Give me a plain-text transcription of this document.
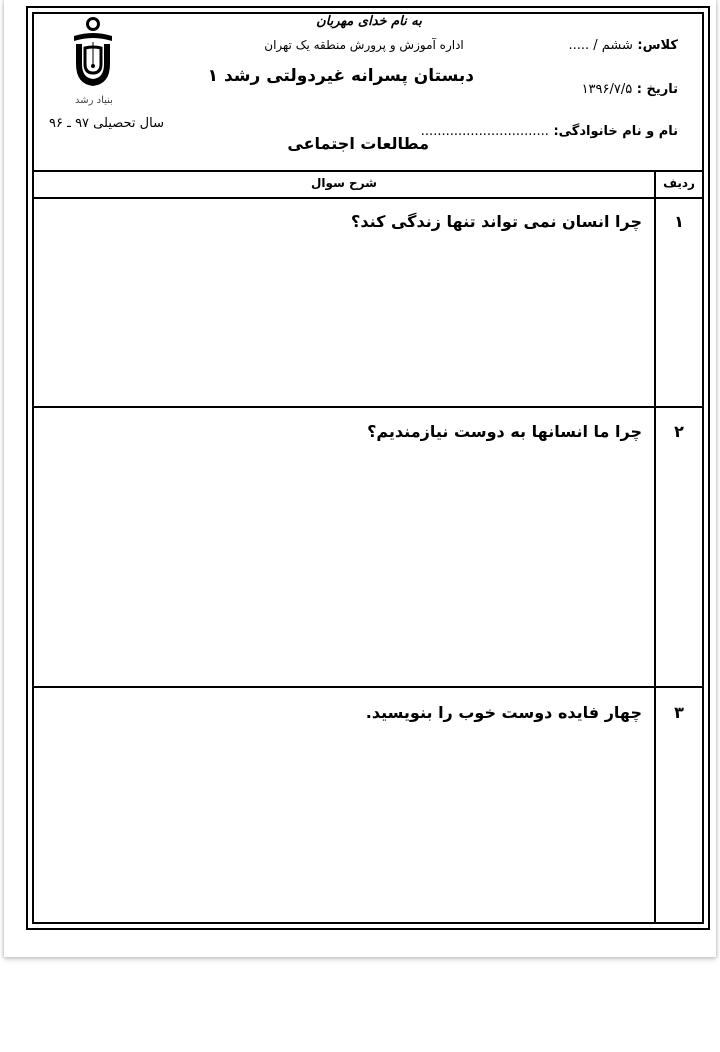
به نام خدای مهربان
اداره آموزش و پرورش منطقه یک تهران
دبستان پسرانه غیردولتی رشد ۱
مطالعات اجتماعی
کلاس: ششم / .....
تاریخ : ۱۳۹۶/۷/۵
نام و نام خانوادگی: ...............................
بنیاد رشد
سال تحصیلی ۹۷ ـ ۹۶
شرح سوال	ردیف
۱
چرا انسان نمی تواند تنها زندگی کند؟
۲
چرا ما انسانها به دوست نیازمندیم؟
۳
چهار فایده دوست خوب را بنویسید.
